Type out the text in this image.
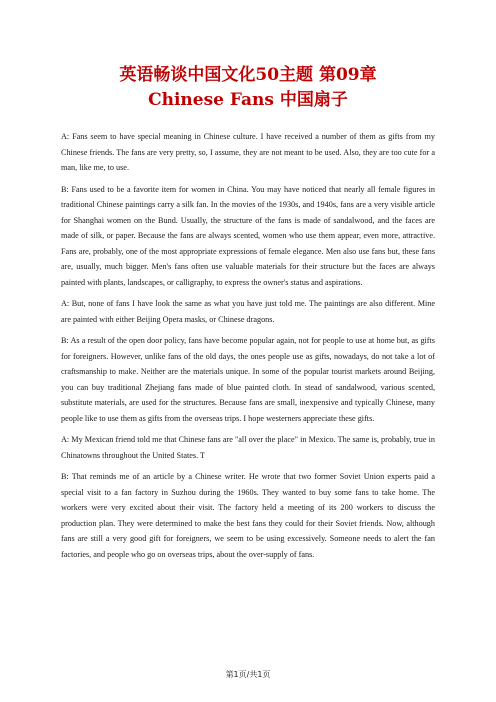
英语畅谈中国文化50主题 第09章
Chinese Fans 中国扇子

A: Fans seem to have special meaning in Chinese culture. I have received a number of them as gifts from my Chinese friends. The fans are very pretty, so, I assume, they are not meant to be used. Also, they are too cute for a man, like me, to use.

B: Fans used to be a favorite item for women in China. You may have noticed that nearly all female figures in traditional Chinese paintings carry a silk fan. In the movies of the 1930s, and 1940s, fans are a very visible article for Shanghai women on the Bund. Usually, the structure of the fans is made of sandalwood, and the faces are made of silk, or paper. Because the fans are always scented, women who use them appear, even more, attractive. Fans are, probably, one of the most appropriate expressions of female elegance. Men also use fans but, these fans are, usually, much bigger. Men's fans often use valuable materials for their structure but the faces are always painted with plants, landscapes, or calligraphy, to express the owner's status and aspirations.

A: But, none of fans I have look the same as what you have just told me. The paintings are also different. Mine are painted with either Beijing Opera masks, or Chinese dragons.

B: As a result of the open door policy, fans have become popular again, not for people to use at home but, as gifts for foreigners. However, unlike fans of the old days, the ones people use as gifts, nowadays, do not take a lot of craftsmanship to make. Neither are the materials unique. In some of the popular tourist markets around Beijing, you can buy traditional Zhejiang fans made of blue painted cloth. In stead of sandalwood, various scented, substitute materials, are used for the structures. Because fans are small, inexpensive and typically Chinese, many people like to use them as gifts from the overseas trips. I hope westerners appreciate these gifts.

A: My Mexican friend told me that Chinese fans are "all over the place" in Mexico. The same is, probably, true in Chinatowns throughout the United States. T

B: That reminds me of an article by a Chinese writer. He wrote that two former Soviet Union experts paid a special visit to a fan factory in Suzhou during the 1960s. They wanted to buy some fans to take home. The workers were very excited about their visit. The factory held a meeting of its 200 workers to discuss the production plan. They were determined to make the best fans they could for their Soviet friends. Now, although fans are still a very good gift for foreigners, we seem to be using excessively. Someone needs to alert the fan factories, and people who go on overseas trips, about the over-supply of fans.

第1页/共1页
